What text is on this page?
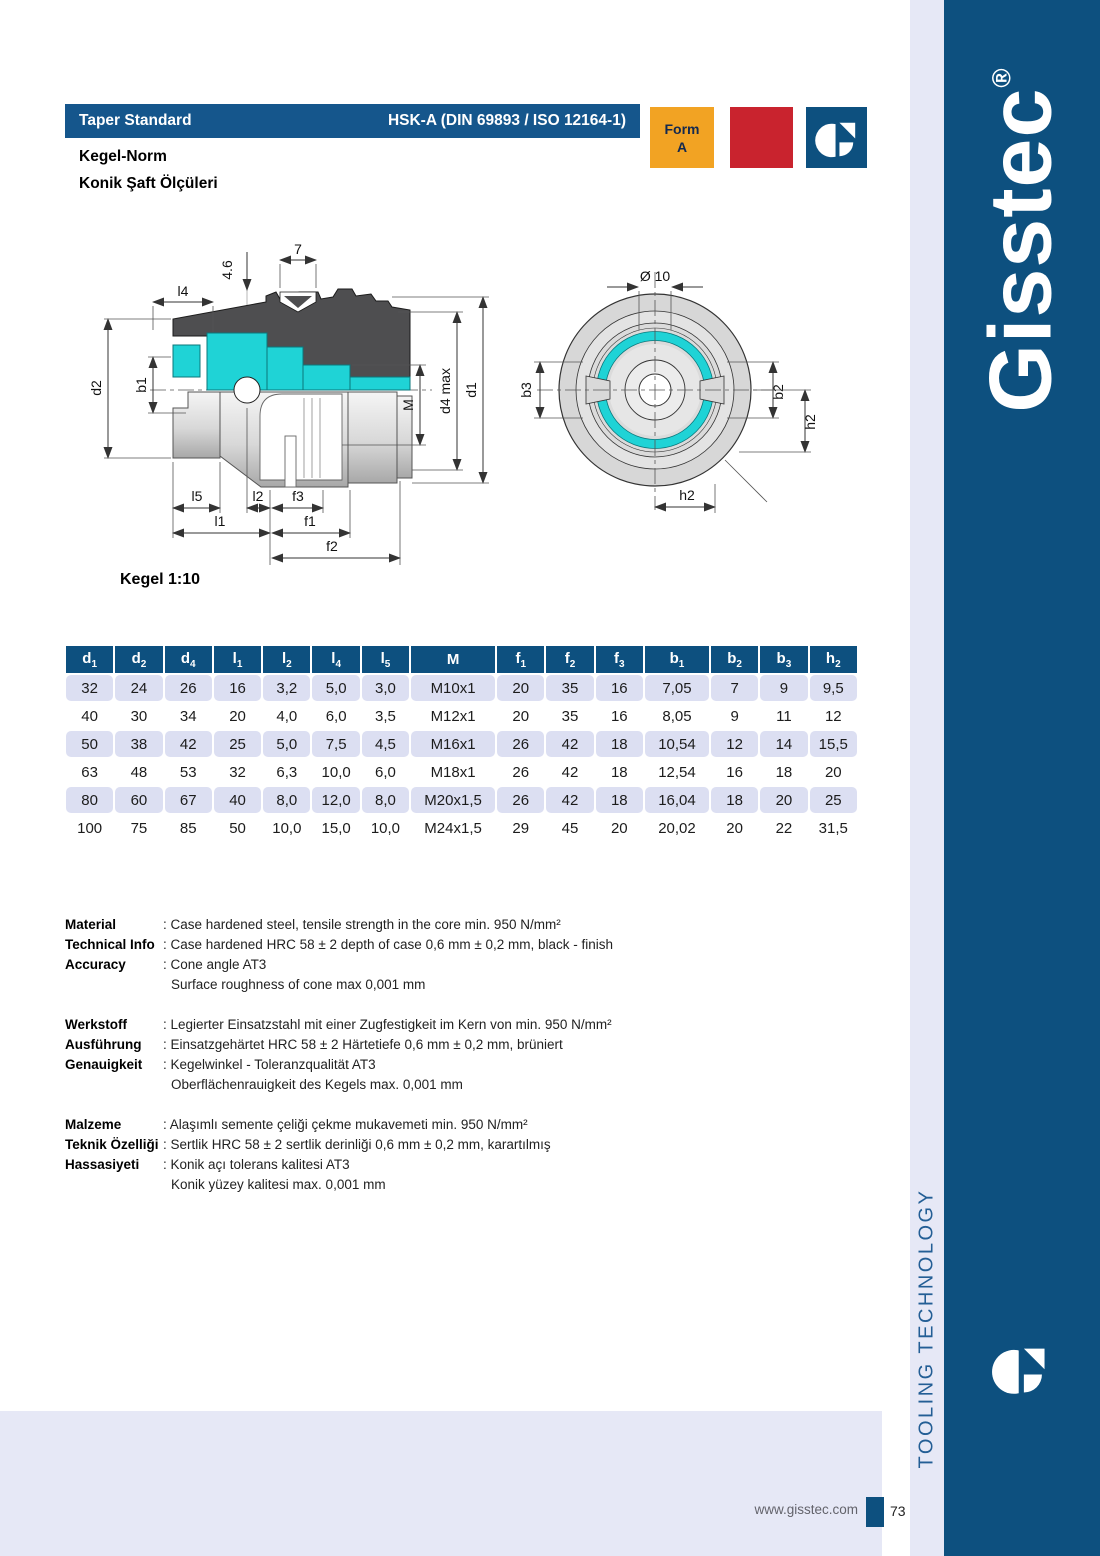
Gisstec®
TOOLING TECHNOLOGY
Taper Standard	HSK-A (DIN 69893 / ISO 12164-1)
Kegel-Norm
Konik Şaft Ölçüleri
Form
A
4.6
7
l4
d2 b1
M d4 max d1
l5	l2 f3
l1	f1
f2
Kegel 1:10
Ø 10
b3	b2
h2
h2
$d_1$	$d_2$	$d_4$	$l_1$	$l_2$	$l_4$	$l_5$	M	$f_1$	$f_2$	$f_3$	$b_1$	$b_2$	$b_3$	$h_2$
32	24	26	16	3,2	5,0	3,0	M10x1	20	35	16	7,05	7	9	9,5
40	30	34	20	4,0	6,0	3,5	M12x1	20	35	16	8,05	9	11	12
50	38	42	25	5,0	7,5	4,5	M16x1	26	42	18	10,54	12	14	15,5
63	48	53	32	6,3	10,0	6,0	M18x1	26	42	18	12,54	16	18	20
80	60	67	40	8,0	12,0	8,0	M20x1,5	26	42	18	16,04	18	20	25
100	75	85	50	10,0	15,0	10,0	M24x1,5	29	45	20	20,02	20	22	31,5
Material	: Case hardened steel, tensile strength in the core min. 950 N/mm²
Technical Info : Case hardened HRC 58 ± 2 depth of case 0,6 mm ± 0,2 mm, black - finish
Accuracy	: Cone angle AT3
Surface roughness of cone max 0,001 mm
Werkstoff	: Legierter Einsatzstahl mit einer Zugfestigkeit im Kern von min. 950 N/mm²
Ausführung	: Einsatzgehärtet HRC 58 ± 2 Härtetiefe 0,6 mm ± 0,2 mm, brüniert
Genauigkeit	: Kegelwinkel - Toleranzqualität AT3
Oberflächenrauigkeit des Kegels max. 0,001 mm
Malzeme	: Alaşımlı semente çeliği çekme mukavemeti min. 950 N/mm²
Teknik Özelliği : Sertlik HRC 58 ± 2 sertlik derinliği 0,6 mm ± 0,2 mm, karartılmış
Hassasiyeti	: Konik açı tolerans kalitesi AT3
Konik yüzey kalitesi max. 0,001 mm
www.gisstec.com 73
